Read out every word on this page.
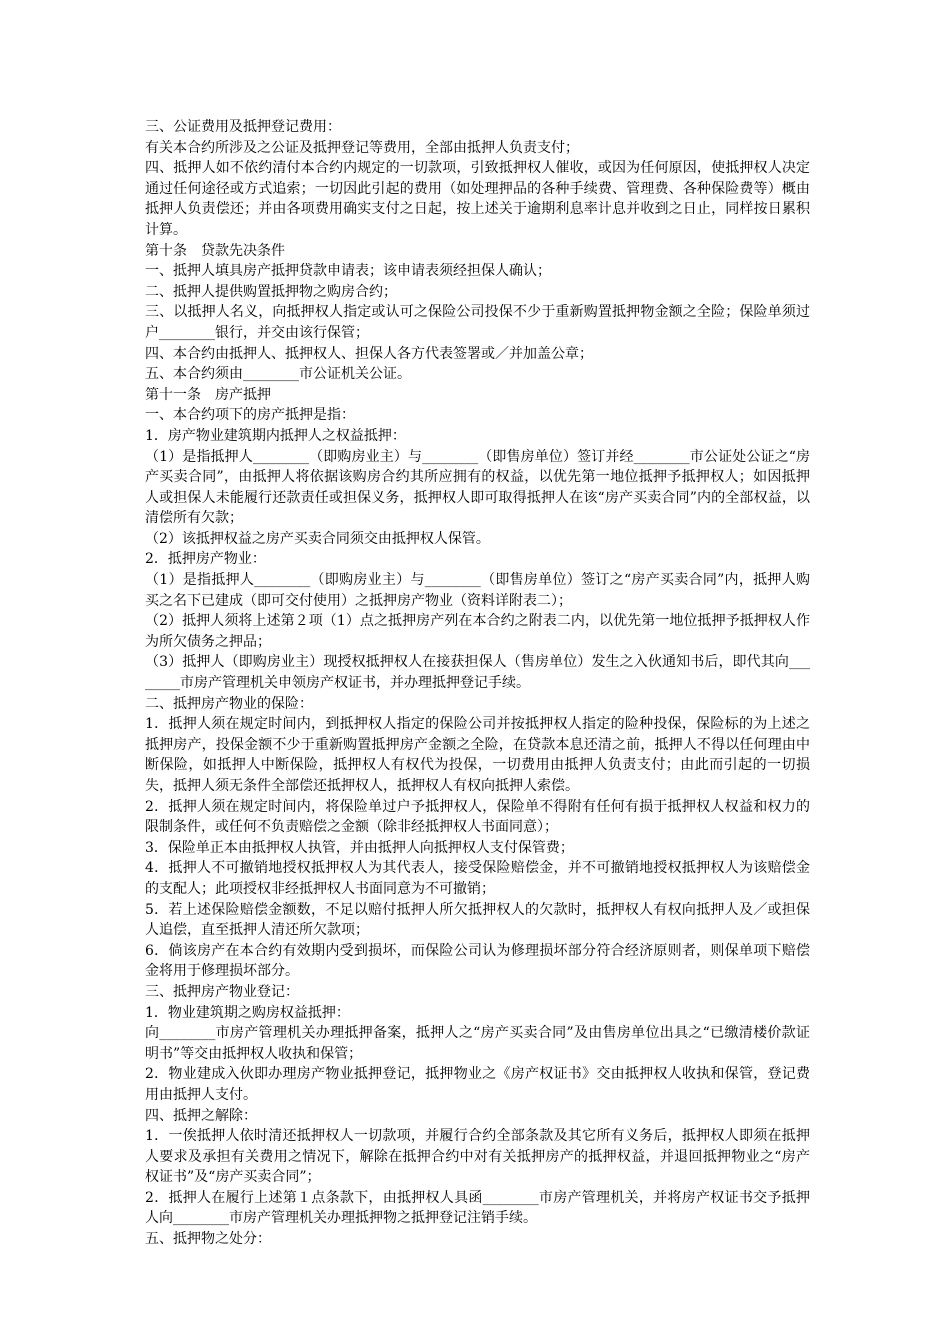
三、公证费用及抵押登记费用：

有关本合约所涉及之公证及抵押登记等费用，全部由抵押人负责支付；

四、抵押人如不依约清付本合约内规定的一切款项，引致抵押权人催收，或因为任何原因，使抵押权人决定通过任何途径或方式追索；一切因此引起的费用（如处理押品的各种手续费、管理费、各种保险费等）概由抵押人负责偿还；并由各项费用确实支付之日起，按上述关于逾期利息率计息并收到之日止，同样按日累积计算。

第十条　贷款先决条件

一、抵押人填具房产抵押贷款申请表；该申请表须经担保人确认；

二、抵押人提供购置抵押物之购房合约；

三、以抵押人名义，向抵押权人指定或认可之保险公司投保不少于重新购置抵押物金额之全险；保险单须过户________银行，并交由该行保管；

四、本合约由抵押人、抵押权人、担保人各方代表签署或／并加盖公章；

五、本合约须由________市公证机关公证。

第十一条　房产抵押

一、本合约项下的房产抵押是指：

1．房产物业建筑期内抵押人之权益抵押：

（1）是指抵押人________（即购房业主）与________（即售房单位）签订并经________市公证处公证之“房产买卖合同”，由抵押人将依据该购房合约其所应拥有的权益，以优先第一地位抵押予抵押权人；如因抵押人或担保人未能履行还款责任或担保义务，抵押权人即可取得抵押人在该“房产买卖合同”内的全部权益，以清偿所有欠款；

（2）该抵押权益之房产买卖合同须交由抵押权人保管。

2．抵押房产物业：

（1）是指抵押人________（即购房业主）与________（即售房单位）签订之“房产买卖合同”内，抵押人购买之名下已建成（即可交付使用）之抵押房产物业（资料详附表二）；

（2）抵押人须将上述第２项（1）点之抵押房产列在本合约之附表二内，以优先第一地位抵押予抵押权人作为所欠债务之押品；

（3）抵押人（即购房业主）现授权抵押权人在接获担保人（售房单位）发生之入伙通知书后，即代其向________市房产管理机关申领房产权证书，并办理抵押登记手续。

二、抵押房产物业的保险：

1．抵押人须在规定时间内，到抵押权人指定的保险公司并按抵押权人指定的险种投保，保险标的为上述之抵押房产，投保金额不少于重新购置抵押房产金额之全险，在贷款本息还清之前，抵押人不得以任何理由中断保险，如抵押人中断保险，抵押权人有权代为投保，一切费用由抵押人负责支付；由此而引起的一切损失，抵押人须无条件全部偿还抵押权人，抵押权人有权向抵押人索偿。

2．抵押人须在规定时间内，将保险单过户予抵押权人，保险单不得附有任何有损于抵押权人权益和权力的限制条件，或任何不负责赔偿之金额（除非经抵押权人书面同意）；

3．保险单正本由抵押权人执管，并由抵押人向抵押权人支付保管费；

4．抵押人不可撤销地授权抵押权人为其代表人，接受保险赔偿金，并不可撤销地授权抵押权人为该赔偿金的支配人；此项授权非经抵押权人书面同意为不可撤销；

5．若上述保险赔偿金额数，不足以赔付抵押人所欠抵押权人的欠款时，抵押权人有权向抵押人及／或担保人追偿，直至抵押人清还所欠款项；

6．倘该房产在本合约有效期内受到损坏，而保险公司认为修理损坏部分符合经济原则者，则保单项下赔偿金将用于修理损坏部分。

三、抵押房产物业登记：

1．物业建筑期之购房权益抵押：

向________市房产管理机关办理抵押备案，抵押人之“房产买卖合同”及由售房单位出具之“已缴清楼价款证明书”等交由抵押权人收执和保管；

2．物业建成入伙即办理房产物业抵押登记，抵押物业之《房产权证书》交由抵押权人收执和保管，登记费用由抵押人支付。

四、抵押之解除：

1．一俟抵押人依时清还抵押权人一切款项，并履行合约全部条款及其它所有义务后，抵押权人即须在抵押人要求及承担有关费用之情况下，解除在抵押合约中对有关抵押房产的抵押权益，并退回抵押物业之“房产权证书”及“房产买卖合同”；

2．抵押人在履行上述第１点条款下，由抵押权人具函________市房产管理机关，并将房产权证书交予抵押人向________市房产管理机关办理抵押物之抵押登记注销手续。

五、抵押物之处分：
